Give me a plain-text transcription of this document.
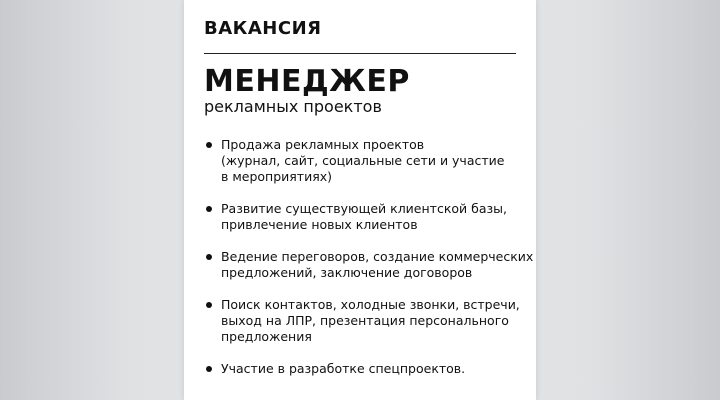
ВАКАНСИЯ
МЕНЕДЖЕР

рекламных проектов

Продажа рекламных проектов
(журнал, сайт, социальные сети и участие
в мероприятиях)
Развитие существующей клиентской базы,
привлечение новых клиентов
Ведение переговоров, создание коммерческих
предложений, заключение договоров
Поиск контактов, холодные звонки, встречи,
выход на ЛПР, презентация персонального
предложения
Участие в разработке спецпроектов.
